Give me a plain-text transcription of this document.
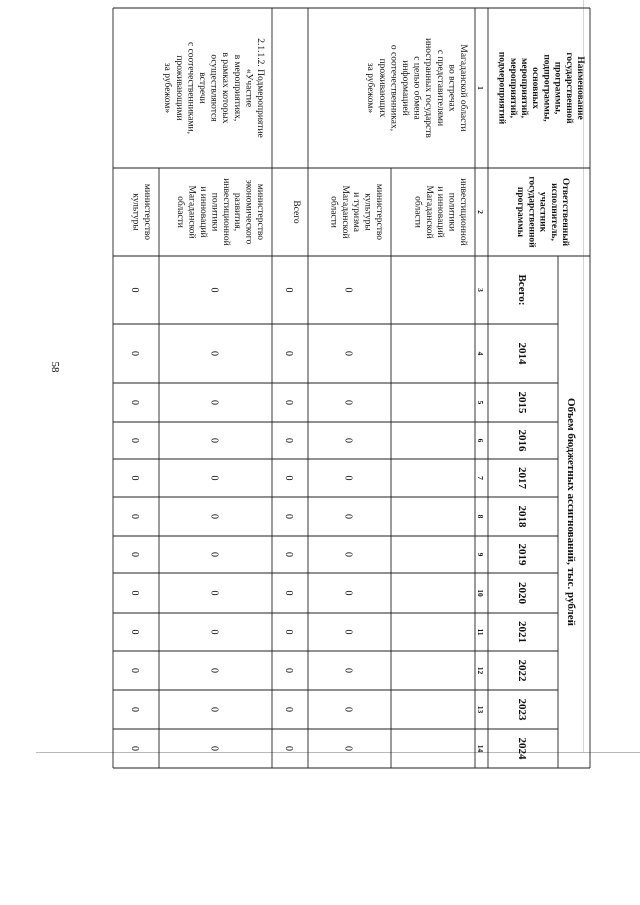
Наименование
государственной
программы,
подпрограммы,
основных
мероприятий,
мероприятий,
подмероприятий
Ответственный
исполнитель,
участник
государственной
программы
Объем бюджетных ассигнований, тыс. рублей
Всего:
2014
2015
2016
2017
2018
2019
2020
2021
2022
2023
2024
1
2
3
4
5
6
7
8
9
10
11
12
13
14
Магаданской области
во встречах
с представителями
иностранных государств
с целью обмена
информацией
о соотечественниках,
проживающих
за рубежом»
инвестиционной
политики
и инноваций
Магаданской
области
министерство
культуры
и туризма
Магаданской
области
0
0
0
0
0
0
0
0
0
0
0
0
Всего
0
0
0
0
0
0
0
0
0
0
0
0
2.1.1.2. Подмероприятие
«Участие
в мероприятиях,
в рамках которых
осуществляются
встречи
с соотечественниками,
проживающими
за рубежом»
министерство
экономического
развития,
инвестиционной
политики
и инноваций
Магаданской
области
0
0
0
0
0
0
0
0
0
0
0
0
министерство
культуры
0
0
0
0
0
0
0
0
0
0
0
0
58
